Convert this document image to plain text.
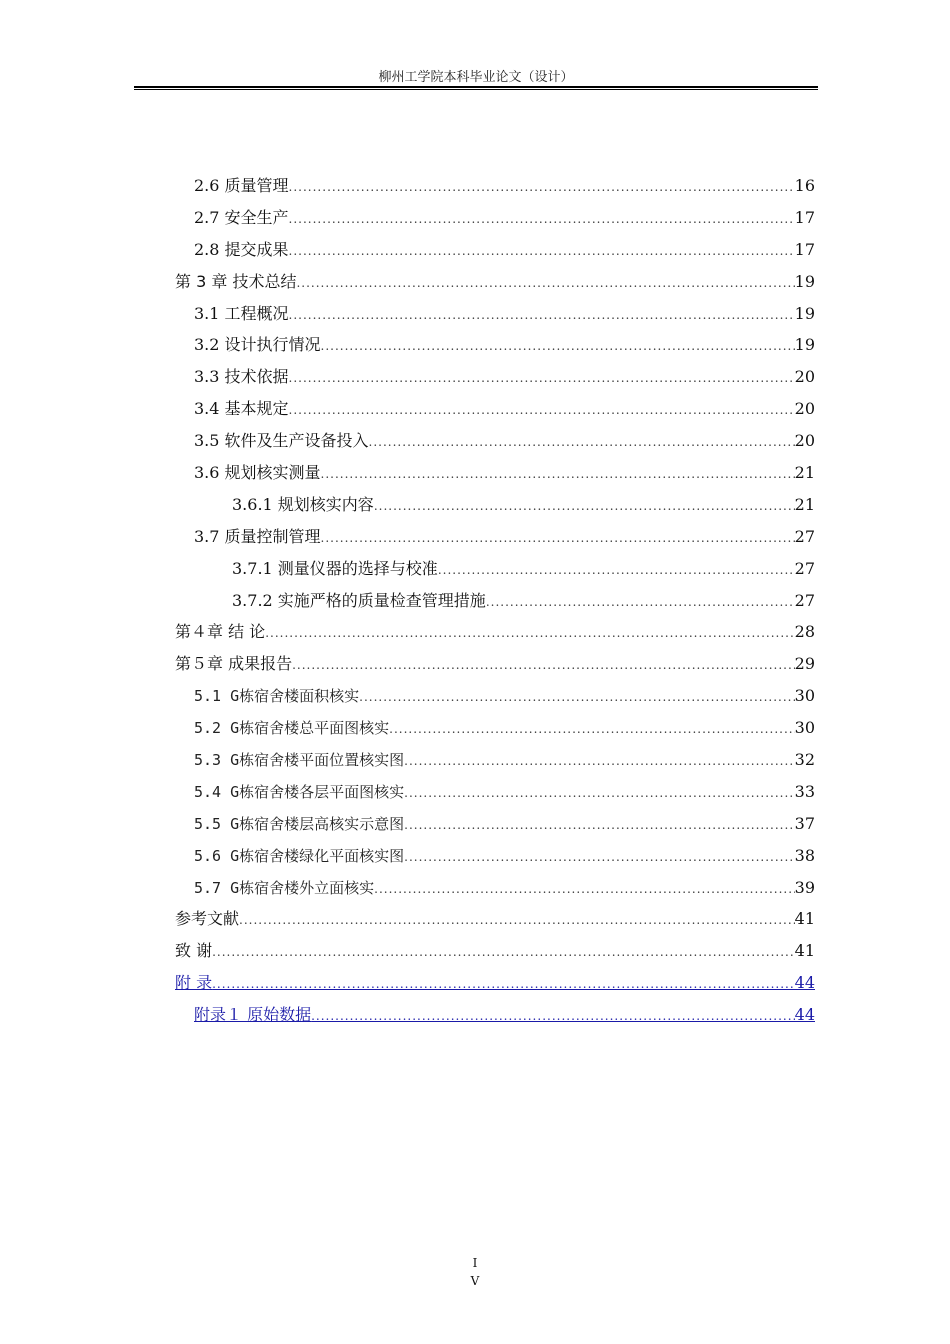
柳州工学院本科毕业论文（设计）
2.6 质量管理 .....	16
2.7 安全生产 .....	17
2.8 提交成果 .....	17
第 3 章 技术总结 .....	19
3.1 工程概况 .....	19
3.2 设计执行情况 .....	19
3.3 技术依据 .....	20
3.4 基本规定 .....	20
3.5 软件及生产设备投入 .....	20
3.6 规划核实测量 .....	21
3.6.1 规划核实内容 .....	21
3.7 质量控制管理 .....	27
3.7.1 测量仪器的选择与校准 .....	27
3.7.2 实施严格的质量检查管理措施 .....	27
第４章 结 论 .....	28
第５章 成果报告 .....	29
5.1 G栋宿舍楼面积核实 .....	30
5.2 G栋宿舍楼总平面图核实 .....	30
5.3 G栋宿舍楼平面位置核实图 .....	32
5.4 G栋宿舍楼各层平面图核实 .....	33
5.5 G栋宿舍楼层高核实示意图 .....	37
5.6 G栋宿舍楼绿化平面核实图 .....	38
5.7 G栋宿舍楼外立面核实 .....	39
参考文献 .....	41
致 谢 .....	41
附 录 .....	44
附录１ 原始数据 .....	44
I
V
